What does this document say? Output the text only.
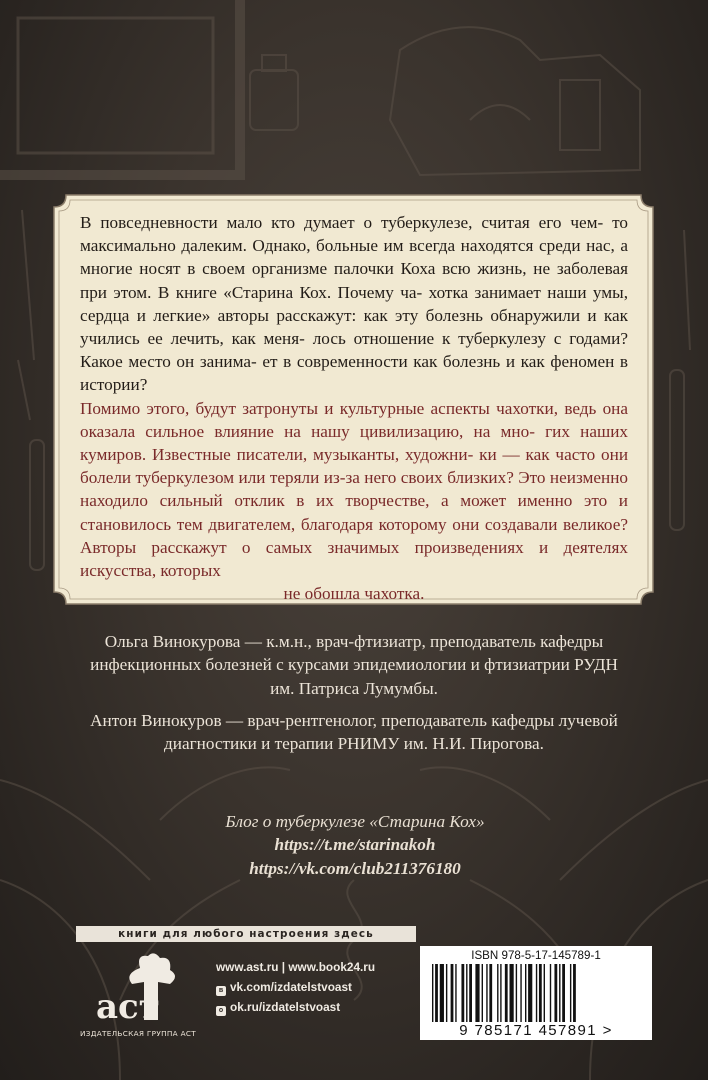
В повседневности мало кто думает о туберкулезе, считая его чем- то максимально далеким. Однако, больные им всегда находятся среди нас, а многие носят в своем организме палочки Коха всю жизнь, не заболевая при этом. В книге «Старина Кох. Почему ча- хотка занимает наши умы, сердца и легкие» авторы расскажут: как эту болезнь обнаружили и как учились ее лечить, как меня- лось отношение к туберкулезу с годами? Какое место он занима- ет в современности как болезнь и как феномен в истории?

Помимо этого, будут затронуты и культурные аспекты чахотки, ведь она оказала сильное влияние на нашу цивилизацию, на мно- гих наших кумиров. Известные писатели, музыканты, художни- ки — как часто они болели туберкулезом или теряли из-за него своих близких? Это неизменно находило сильный отклик в их творчестве, а может именно это и становилось тем двигателем, благодаря которому они создавали великое? Авторы расскажут о самых значимых произведениях и деятелях искусства, которых
не обошла чахотка.

Ольга Винокурова — к.м.н., врач-фтизиатр, преподаватель кафедры инфекционных болезней с курсами эпидемиологии и фтизиатрии РУДН им. Патриса Лумумбы.
Антон Винокуров — врач-рентгенолог, преподаватель кафедры лучевой диагностики и терапии РНИМУ им. Н.И. Пирогова.
Блог о туберкулезе «Старина Кох»
https://t.me/starinakoh
https://vk.com/club211376180
книги для любого настроения здесь
aст
ИЗДАТЕЛЬСКАЯ ГРУППА АСТ
www.ast.ru | www.book24.ru
в vk.com/izdatelstvoast
о ok.ru/izdatelstvoast
ISBN 978-5-17-145789-1
9 785171 457891 >
